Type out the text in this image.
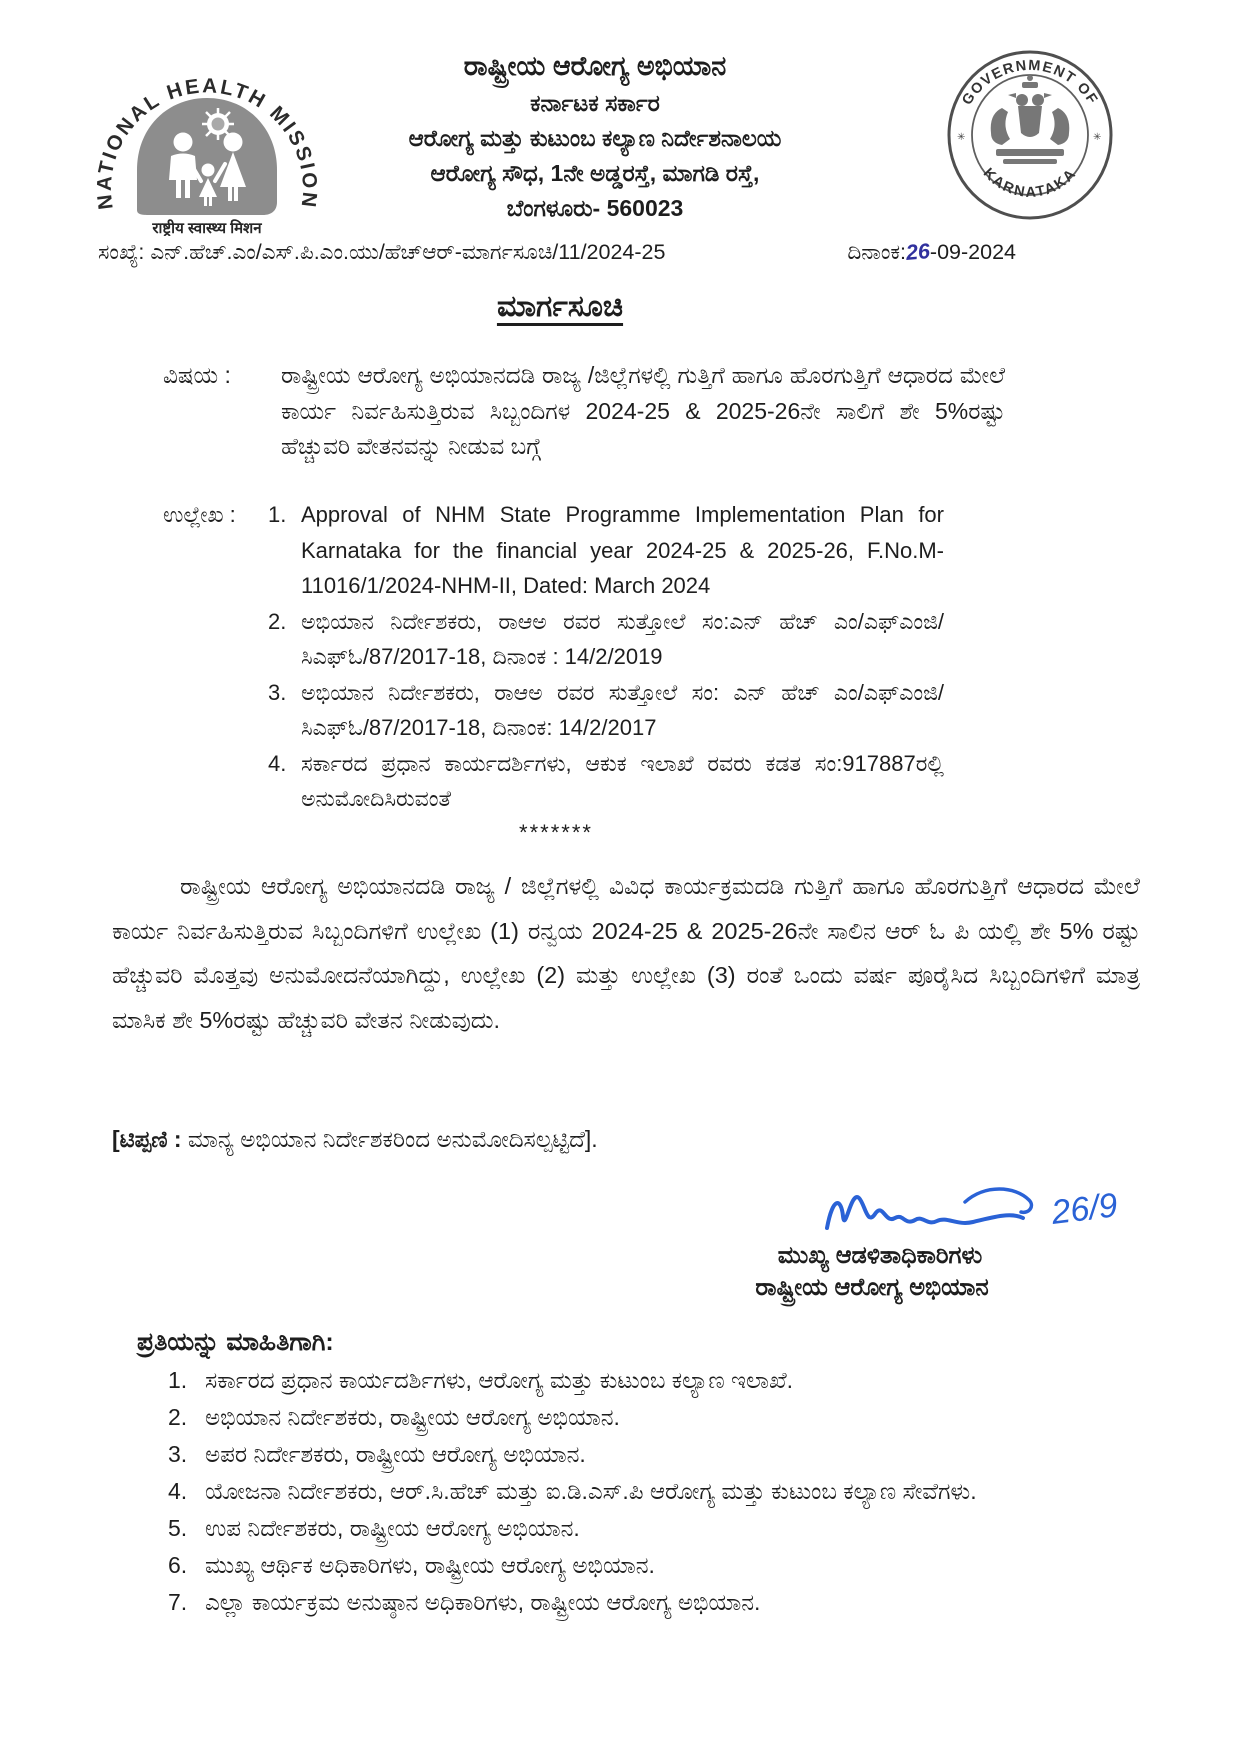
NATIONAL HEALTH MISSION
राष्ट्रीय स्वास्थ्य मिशन
ರಾಷ್ಟ್ರೀಯ ಆರೋಗ್ಯ ಅಭಿಯಾನ
ಕರ್ನಾಟಕ ಸರ್ಕಾರ
ಆರೋಗ್ಯ ಮತ್ತು ಕುಟುಂಬ ಕಲ್ಯಾಣ ನಿರ್ದೇಶನಾಲಯ
ಆರೋಗ್ಯ ಸೌಧ, 1ನೇ ಅಡ್ಡರಸ್ತೆ, ಮಾಗಡಿ ರಸ್ತೆ,
ಬೆಂಗಳೂರು- 560023
GOVERNMENT OF
KARNATAKA
✳	✳
ಸಂಖ್ಯೆ: ಎನ್.ಹೆಚ್.ಎಂ/ಎಸ್.ಪಿ.ಎಂ.ಯು/ಹೆಚ್‌ಆರ್-ಮಾರ್ಗಸೂಚಿ/11/2024-25	ದಿನಾಂಕ:26-09-2024
ಮಾರ್ಗಸೂಚಿ
ವಿಷಯ :	ರಾಷ್ಟ್ರೀಯ ಆರೋಗ್ಯ ಅಭಿಯಾನದಡಿ ರಾಜ್ಯ /ಜಿಲ್ಲೆಗಳಲ್ಲಿ ಗುತ್ತಿಗೆ ಹಾಗೂ ಹೊರಗುತ್ತಿಗೆ ಆಧಾರದ ಮೇಲೆ ಕಾರ್ಯ ನಿರ್ವಹಿಸುತ್ತಿರುವ ಸಿಬ್ಬಂದಿಗಳ 2024-25 & 2025-26ನೇ ಸಾಲಿಗೆ ಶೇ 5%ರಷ್ಟು ಹೆಚ್ಚುವರಿ ವೇತನವನ್ನು ನೀಡುವ ಬಗ್ಗೆ
ಉಲ್ಲೇಖ :	1. Approval of NHM State Programme Implementation Plan for Karnataka for the financial year 2024-25 & 2025-26, F.No.M-11016/1/2024-NHM-II, Dated: March 2024
2. ಅಭಿಯಾನ ನಿರ್ದೇಶಕರು, ರಾಆಅ ರವರ ಸುತ್ತೋಲೆ ಸಂ:ಎನ್ ಹೆಚ್ ಎಂ/ಎಫ್‌ಎಂಜಿ/ಸಿಎಫ್‌ಓ/87/2017-18, ದಿನಾಂಕ : 14/2/2019
3. ಅಭಿಯಾನ ನಿರ್ದೇಶಕರು, ರಾಆಅ ರವರ ಸುತ್ತೋಲೆ ಸಂ: ಎನ್ ಹೆಚ್ ಎಂ/ಎಫ್‌ಎಂಜಿ/ಸಿಎಫ್‌ಓ/87/2017-18, ದಿನಾಂಕ: 14/2/2017
4. ಸರ್ಕಾರದ ಪ್ರಧಾನ ಕಾರ್ಯದರ್ಶಿಗಳು, ಆಕುಕ ಇಲಾಖೆ ರವರು ಕಡತ ಸಂ:917887ರಲ್ಲಿ ಅನುಮೋದಿಸಿರುವಂತೆ
*******
ರಾಷ್ಟ್ರೀಯ ಆರೋಗ್ಯ ಅಭಿಯಾನದಡಿ ರಾಜ್ಯ / ಜಿಲ್ಲೆಗಳಲ್ಲಿ ವಿವಿಧ ಕಾರ್ಯಕ್ರಮದಡಿ ಗುತ್ತಿಗೆ ಹಾಗೂ ಹೊರಗುತ್ತಿಗೆ ಆಧಾರದ ಮೇಲೆ ಕಾರ್ಯ ನಿರ್ವಹಿಸುತ್ತಿರುವ ಸಿಬ್ಬಂದಿಗಳಿಗೆ ಉಲ್ಲೇಖ (1) ರನ್ವಯ 2024-25 & 2025-26ನೇ ಸಾಲಿನ ಆರ್ ಓ ಪಿ ಯಲ್ಲಿ ಶೇ 5% ರಷ್ಟು ಹೆಚ್ಚುವರಿ ಮೊತ್ತವು ಅನುಮೋದನೆಯಾಗಿದ್ದು, ಉಲ್ಲೇಖ (2) ಮತ್ತು ಉಲ್ಲೇಖ (3) ರಂತೆ ಒಂದು ವರ್ಷ ಪೂರೈಸಿದ ಸಿಬ್ಬಂದಿಗಳಿಗೆ ಮಾತ್ರ ಮಾಸಿಕ ಶೇ 5%ರಷ್ಟು ಹೆಚ್ಚುವರಿ ವೇತನ ನೀಡುವುದು.
[ಟಿಪ್ಪಣಿ : ಮಾನ್ಯ ಅಭಿಯಾನ ನಿರ್ದೇಶಕರಿಂದ ಅನುಮೋದಿಸಲ್ಪಟ್ಟಿದೆ].
26/9
ಮುಖ್ಯ ಆಡಳಿತಾಧಿಕಾರಿಗಳು
ರಾಷ್ಟ್ರೀಯ ಆರೋಗ್ಯ ಅಭಿಯಾನ
ಪ್ರತಿಯನ್ನು ಮಾಹಿತಿಗಾಗಿ:
1. ಸರ್ಕಾರದ ಪ್ರಧಾನ ಕಾರ್ಯದರ್ಶಿಗಳು, ಆರೋಗ್ಯ ಮತ್ತು ಕುಟುಂಬ ಕಲ್ಯಾಣ ಇಲಾಖೆ.
2. ಅಭಿಯಾನ ನಿರ್ದೇಶಕರು, ರಾಷ್ಟ್ರೀಯ ಆರೋಗ್ಯ ಅಭಿಯಾನ.
3. ಅಪರ ನಿರ್ದೇಶಕರು, ರಾಷ್ಟ್ರೀಯ ಆರೋಗ್ಯ ಅಭಿಯಾನ.
4. ಯೋಜನಾ ನಿರ್ದೇಶಕರು, ಆರ್.ಸಿ.ಹೆಚ್ ಮತ್ತು ಐ.ಡಿ.ಎಸ್.ಪಿ ಆರೋಗ್ಯ ಮತ್ತು ಕುಟುಂಬ ಕಲ್ಯಾಣ ಸೇವೆಗಳು.
5. ಉಪ ನಿರ್ದೇಶಕರು, ರಾಷ್ಟ್ರೀಯ ಆರೋಗ್ಯ ಅಭಿಯಾನ.
6. ಮುಖ್ಯ ಆರ್ಥಿಕ ಅಧಿಕಾರಿಗಳು, ರಾಷ್ಟ್ರೀಯ ಆರೋಗ್ಯ ಅಭಿಯಾನ.
7. ಎಲ್ಲಾ ಕಾರ್ಯಕ್ರಮ ಅನುಷ್ಠಾನ ಅಧಿಕಾರಿಗಳು, ರಾಷ್ಟ್ರೀಯ ಆರೋಗ್ಯ ಅಭಿಯಾನ.
